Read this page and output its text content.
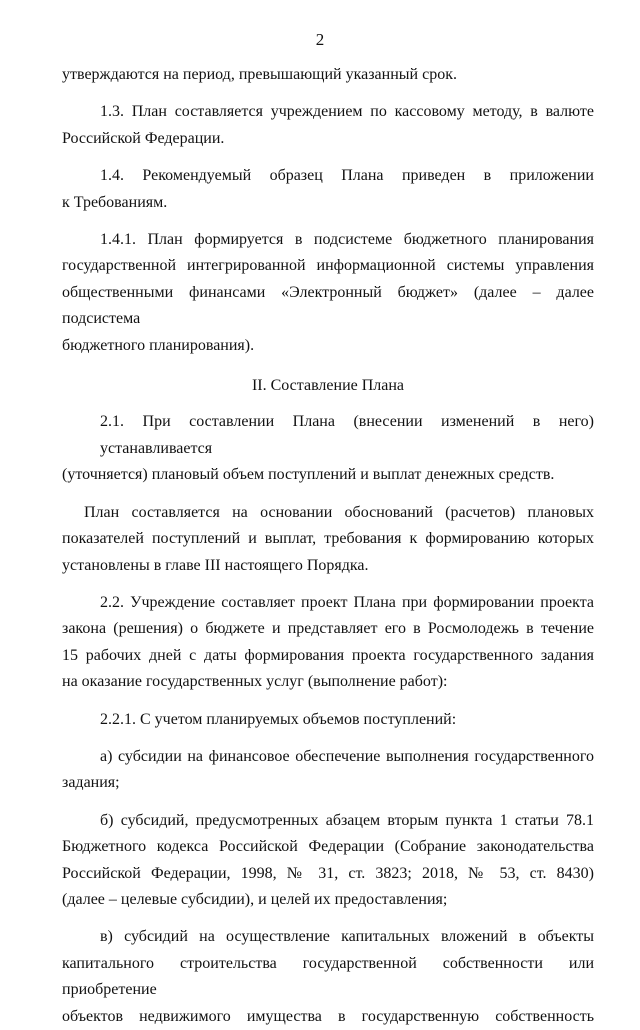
2

утверждаются на период, превышающий указанный срок.

1.3. План составляется учреждением по кассовому методу, в валюте
Российской Федерации.
1.4. Рекомендуемый образец Плана приведен в приложении
к Требованиям.
1.4.1. План формируется в подсистеме бюджетного планирования
государственной интегрированной информационной системы управления
общественными финансами «Электронный бюджет» (далее – далее подсистема
бюджетного планирования).
II. Составление Плана
2.1. При составлении Плана (внесении изменений в него) устанавливается
(уточняется) плановый объем поступлений и выплат денежных средств.
План составляется на основании обоснований (расчетов) плановых
показателей поступлений и выплат, требования к формированию которых
установлены в главе III настоящего Порядка.
2.2. Учреждение составляет проект Плана при формировании проекта
закона (решения) о бюджете и представляет его в Росмолодежь в течение
15 рабочих дней с даты формирования проекта государственного задания
на оказание государственных услуг (выполнение работ):
2.2.1. С учетом планируемых объемов поступлений:
а) субсидии на финансовое обеспечение выполнения государственного
задания;
б) субсидий, предусмотренных абзацем вторым пункта 1 статьи 78.1
Бюджетного кодекса Российской Федерации (Собрание законодательства
Российской Федерации, 1998, № 31, ст. 3823; 2018, № 53, ст. 8430)
(далее – целевые субсидии), и целей их предоставления;
в) субсидий на осуществление капитальных вложений в объекты
капитального строительства государственной собственности или приобретение
объектов недвижимого имущества в государственную собственность
